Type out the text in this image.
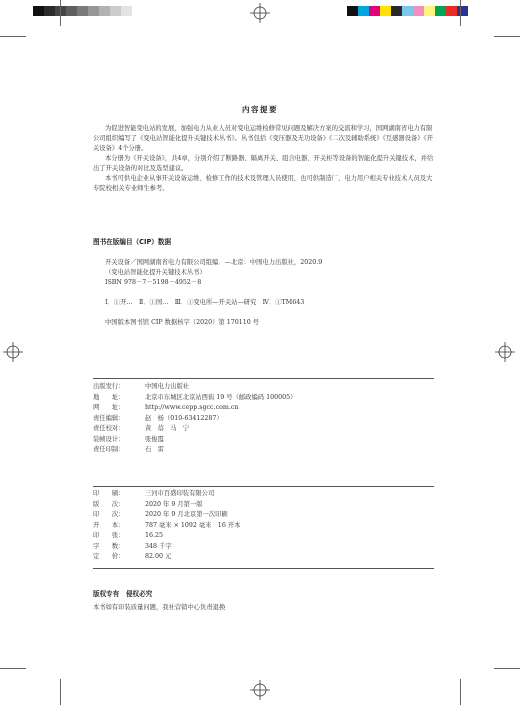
内容提要

为促进智能变电站的发展，加强电力从业人员对变电运维检修常见问题及解决方案的交流和学习，国网湖南省电力有限公司组织编写了《变电站智能化提升关键技术丛书》。丛书包括《变压器及无功设备》《二次及辅助系统》《互感器设备》《开关设备》4个分册。

本分册为《开关设备》，共4章，分别介绍了断路器、隔离开关、组合电器、开关柜等设备的智能化提升关键技术，并给出了开关设备的对比及选型建议。

本书可供电企业从事开关设备运维、检修工作的技术及管理人员使用，也可供制造厂、电力用户相关专业技术人员及大专院校相关专业师生参考。

图书在版编目（CIP）数据
开关设备／国网湖南省电力有限公司组编．—北京：中国电力出版社，2020.9
（变电站智能化提升关键技术丛书）
ISBN 978－7－5198－4952－8
Ⅰ．①开…　Ⅱ．①国…　Ⅲ．①变电所—开关站—研究　Ⅳ．①TM643
中国版本图书馆 CIP 数据核字（2020）第 170110 号
出版发行：	中国电力出版社
地　　址：	北京市东城区北京站西街 19 号（邮政编码 100005）
网　　址：	http://www.cepp.sgcc.com.cn
责任编辑：	赵　杨（010-63412287）
责任校对：	黄　蓓　马　宁
装帧设计：	张俊霞
责任印制：	石　雷
印　　刷：	三河市百盛印装有限公司
版　　次：	2020 年 9 月第一版
印　　次：	2020 年 9 月北京第一次印刷
开　　本：	787 毫米 × 1092 毫米　16 开本
印　　张：	16.25
字　　数：	348 千字
定　　价：	82.00 元
版权专有　侵权必究
本书如有印装质量问题，我社营销中心负责退换
